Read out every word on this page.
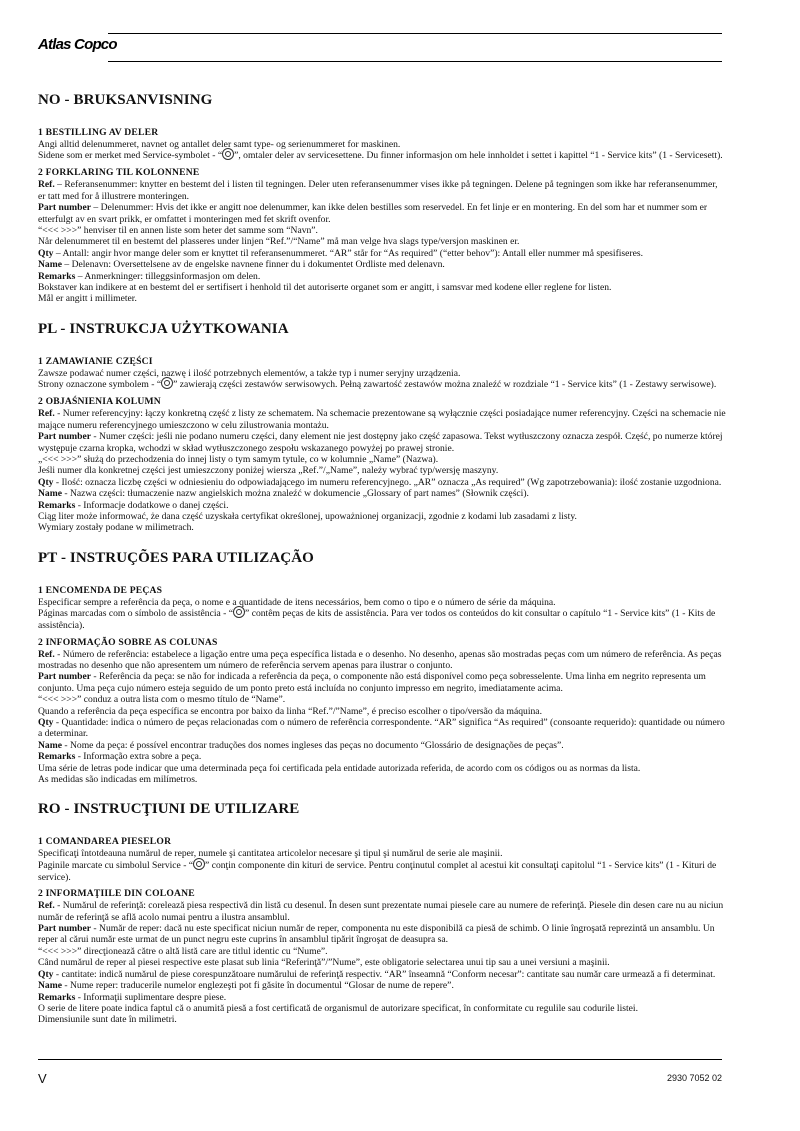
Atlas Copco
NO - BRUKSANVISNING
1 BESTILLING AV DELER

Angi alltid delenummeret, navnet og antallet deler samt type- og serienummeret for maskinen.

Sidene som er merket med Service-symbolet - “ ”, omtaler deler av servicesettene. Du finner informasjon om hele innholdet i settet i kapittel “1 - Service kits” (1 - Servicesett).

2 FORKLARING TIL KOLONNENE

Ref. – Referansenummer: knytter en bestemt del i listen til tegningen. Deler uten referansenummer vises ikke på tegningen. Delene på tegningen som ikke har referansenummer, er tatt med for å illustrere monteringen.

Part number – Delenummer: Hvis det ikke er angitt noe delenummer, kan ikke delen bestilles som reservedel. En fet linje er en montering. En del som har et nummer som er etterfulgt av en svart prikk, er omfattet i monteringen med fet skrift ovenfor.

“<<< >>>” henviser til en annen liste som heter det samme som “Navn”.

Når delenummeret til en bestemt del plasseres under linjen “Ref.”/“Name” må man velge hva slags type/versjon maskinen er.

Qty – Antall: angir hvor mange deler som er knyttet til referansenummeret. “AR” står for “As required” (“etter behov”): Antall eller nummer må spesifiseres.

Name – Delenavn: Oversettelsene av de engelske navnene finner du i dokumentet Ordliste med delenavn.

Remarks – Anmerkninger: tilleggsinformasjon om delen.

Bokstaver kan indikere at en bestemt del er sertifisert i henhold til det autoriserte organet som er angitt, i samsvar med kodene eller reglene for listen.

Mål er angitt i millimeter.

PL - INSTRUKCJA UŻYTKOWANIA
1 ZAMAWIANIE CZĘŚCI

Zawsze podawać numer części, nazwę i ilość potrzebnych elementów, a także typ i numer seryjny urządzenia.

Strony oznaczone symbolem - “ ” zawierają części zestawów serwisowych. Pełną zawartość zestawów można znaleźć w rozdziale “1 - Service kits” (1 - Zestawy serwisowe).

2 OBJAŚNIENIA KOLUMN

Ref. - Numer referencyjny: łączy konkretną część z listy ze schematem. Na schemacie prezentowane są wyłącznie części posiadające numer referencyjny. Części na schemacie nie mające numeru referencyjnego umieszczono w celu zilustrowania montażu.

Part number - Numer części: jeśli nie podano numeru części, dany element nie jest dostępny jako część zapasowa. Tekst wytłuszczony oznacza zespół. Część, po numerze której występuje czarna kropka, wchodzi w skład wytłuszczonego zespołu wskazanego powyżej po prawej stronie.

„<<< >>>” służą do przechodzenia do innej listy o tym samym tytule, co w kolumnie „Name” (Nazwa).

Jeśli numer dla konkretnej części jest umieszczony poniżej wiersza „Ref.”/„Name”, należy wybrać typ/wersję maszyny.

Qty - Ilość: oznacza liczbę części w odniesieniu do odpowiadającego im numeru referencyjnego. „AR” oznacza „As required” (Wg zapotrzebowania): ilość zostanie uzgodniona.

Name - Nazwa części: tłumaczenie nazw angielskich można znaleźć w dokumencie „Glossary of part names” (Słownik części).

Remarks - Informacje dodatkowe o danej części.

Ciąg liter może informować, że dana część uzyskała certyfikat określonej, upoważnionej organizacji, zgodnie z kodami lub zasadami z listy.

Wymiary zostały podane w milimetrach.

PT - INSTRUÇÕES PARA UTILIZAÇÃO
1 ENCOMENDA DE PEÇAS

Especificar sempre a referência da peça, o nome e a quantidade de itens necessários, bem como o tipo e o número de série da máquina.

Páginas marcadas com o símbolo de assistência - “ ” contêm peças de kits de assistência. Para ver todos os conteúdos do kit consultar o capítulo “1 - Service kits” (1 - Kits de assistência).

2 INFORMAÇÃO SOBRE AS COLUNAS

Ref. - Número de referência: estabelece a ligação entre uma peça específica listada e o desenho. No desenho, apenas são mostradas peças com um número de referência. As peças mostradas no desenho que não apresentem um número de referência servem apenas para ilustrar o conjunto.

Part number - Referência da peça: se não for indicada a referência da peça, o componente não está disponível como peça sobresselente. Uma linha em negrito representa um conjunto. Uma peça cujo número esteja seguido de um ponto preto está incluída no conjunto impresso em negrito, imediatamente acima.

“<<< >>>” conduz a outra lista com o mesmo título de “Name”.

Quando a referência da peça específica se encontra por baixo da linha “Ref.”/”Name”, é preciso escolher o tipo/versão da máquina.

Qty - Quantidade: indica o número de peças relacionadas com o número de referência correspondente. “AR” significa “As required” (consoante requerido): quantidade ou número a determinar.

Name - Nome da peça: é possível encontrar traduções dos nomes ingleses das peças no documento “Glossário de designações de peças”.

Remarks - Informação extra sobre a peça.

Uma série de letras pode indicar que uma determinada peça foi certificada pela entidade autorizada referida, de acordo com os códigos ou as normas da lista.

As medidas são indicadas em milímetros.

RO - INSTRUCŢIUNI DE UTILIZARE
1 COMANDAREA PIESELOR

Specificaţi întotdeauna numărul de reper, numele şi cantitatea articolelor necesare şi tipul şi numărul de serie ale maşinii.

Paginile marcate cu simbolul Service - “ ” conţin componente din kituri de service. Pentru conţinutul complet al acestui kit consultaţi capitolul “1 - Service kits” (1 - Kituri de service).

2 INFORMAŢIILE DIN COLOANE

Ref. - Numărul de referinţă: corelează piesa respectivă din listă cu desenul. În desen sunt prezentate numai piesele care au numere de referinţă. Piesele din desen care nu au niciun număr de referinţă se află acolo numai pentru a ilustra ansamblul.

Part number - Număr de reper: dacă nu este specificat niciun număr de reper, componenta nu este disponibilă ca piesă de schimb. O linie îngroşată reprezintă un ansamblu. Un reper al cărui număr este urmat de un punct negru este cuprins în ansamblul tipărit îngroşat de deasupra sa.

“<<< >>>” direcţionează către o altă listă care are titlul identic cu “Nume”.

Când numărul de reper al piesei respective este plasat sub linia “Referinţă”/”Nume”, este obligatorie selectarea unui tip sau a unei versiuni a maşinii.

Qty - cantitate: indică numărul de piese corespunzătoare numărului de referinţă respectiv. “AR” înseamnă “Conform necesar”: cantitate sau număr care urmează a fi determinat.

Name - Nume reper: traducerile numelor englezeşti pot fi găsite în documentul “Glosar de nume de repere”.

Remarks - Informaţii suplimentare despre piese.

O serie de litere poate indica faptul că o anumită piesă a fost certificată de organismul de autorizare specificat, în conformitate cu regulile sau codurile listei.

Dimensiunile sunt date în milimetri.

V	2930 7052 02
